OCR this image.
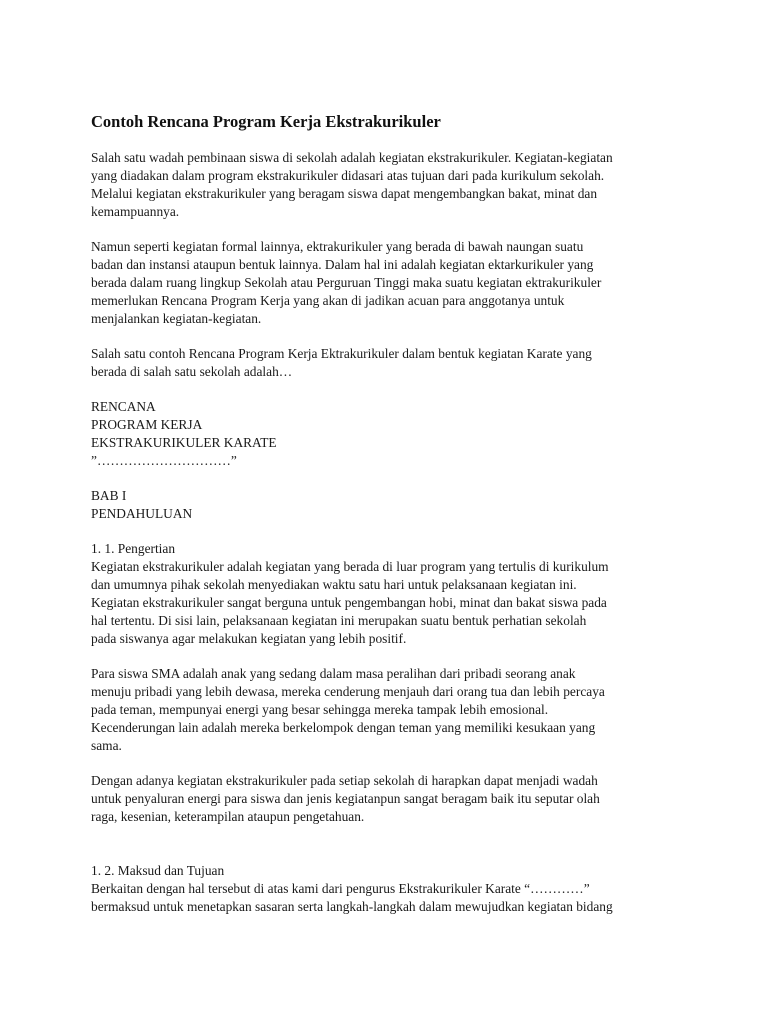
Contoh Rencana Program Kerja Ekstrakurikuler

Salah satu wadah pembinaan siswa di sekolah adalah kegiatan ekstrakurikuler. Kegiatan-kegiatan
yang diadakan dalam program ekstrakurikuler didasari atas tujuan dari pada kurikulum sekolah.
Melalui kegiatan ekstrakurikuler yang beragam siswa dapat mengembangkan bakat, minat dan
kemampuannya.

Namun seperti kegiatan formal lainnya, ektrakurikuler yang berada di bawah naungan suatu
badan dan instansi ataupun bentuk lainnya. Dalam hal ini adalah kegiatan ektarkurikuler yang
berada dalam ruang lingkup Sekolah atau Perguruan Tinggi maka suatu kegiatan ektrakurikuler
memerlukan Rencana Program Kerja yang akan di jadikan acuan para anggotanya untuk
menjalankan kegiatan-kegiatan.

Salah satu contoh Rencana Program Kerja Ektrakurikuler dalam bentuk kegiatan Karate yang
berada di salah satu sekolah adalah…

RENCANA
PROGRAM KERJA
EKSTRAKURIKULER KARATE
”…………………………”

BAB I
PENDAHULUAN

1. 1. Pengertian
Kegiatan ekstrakurikuler adalah kegiatan yang berada di luar program yang tertulis di kurikulum
dan umumnya pihak sekolah menyediakan waktu satu hari untuk pelaksanaan kegiatan ini.
Kegiatan ekstrakurikuler sangat berguna untuk pengembangan hobi, minat dan bakat siswa pada
hal tertentu. Di sisi lain, pelaksanaan kegiatan ini merupakan suatu bentuk perhatian sekolah
pada siswanya agar melakukan kegiatan yang lebih positif.

Para siswa SMA adalah anak yang sedang dalam masa peralihan dari pribadi seorang anak
menuju pribadi yang lebih dewasa, mereka cenderung menjauh dari orang tua dan lebih percaya
pada teman, mempunyai energi yang besar sehingga mereka tampak lebih emosional.
Kecenderungan lain adalah mereka berkelompok dengan teman yang memiliki kesukaan yang
sama.

Dengan adanya kegiatan ekstrakurikuler pada setiap sekolah di harapkan dapat menjadi wadah
untuk penyaluran energi para siswa dan jenis kegiatanpun sangat beragam baik itu seputar olah
raga, kesenian, keterampilan ataupun pengetahuan.

1. 2. Maksud dan Tujuan
Berkaitan dengan hal tersebut di atas kami dari pengurus Ekstrakurikuler Karate “…………”
bermaksud untuk menetapkan sasaran serta langkah-langkah dalam mewujudkan kegiatan bidang
